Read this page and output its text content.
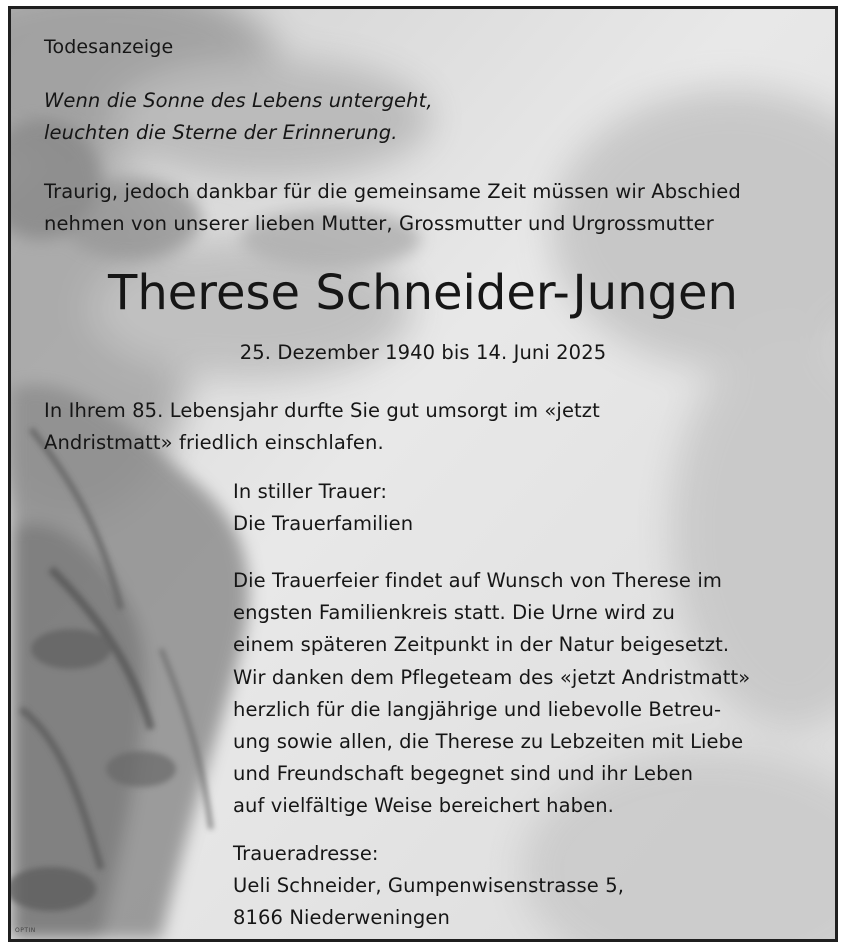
Todesanzeige

Wenn die Sonne des Lebens untergeht,
leuchten die Sterne der Erinnerung.

Traurig, jedoch dankbar für die gemeinsame Zeit müssen wir Abschied
nehmen von unserer lieben Mutter, Grossmutter und Urgrossmutter

Therese Schneider-Jungen

25. Dezember 1940 bis 14. Juni 2025

In Ihrem 85. Lebensjahr durfte Sie gut umsorgt im «jetzt
Andristmatt» friedlich einschlafen.

In stiller Trauer:
Die Trauerfamilien

Die Trauerfeier findet auf Wunsch von Therese im
engsten Familienkreis statt. Die Urne wird zu
einem späteren Zeitpunkt in der Natur beigesetzt.

Wir danken dem Pflegeteam des «jetzt Andristmatt»
herzlich für die langjährige und liebevolle Betreu-
ung sowie allen, die Therese zu Lebzeiten mit Liebe
und Freundschaft begegnet sind und ihr Leben
auf vielfältige Weise bereichert haben.

Traueradresse:
Ueli Schneider, Gumpenwisenstrasse 5,
8166 Niederweningen

OPTIN
